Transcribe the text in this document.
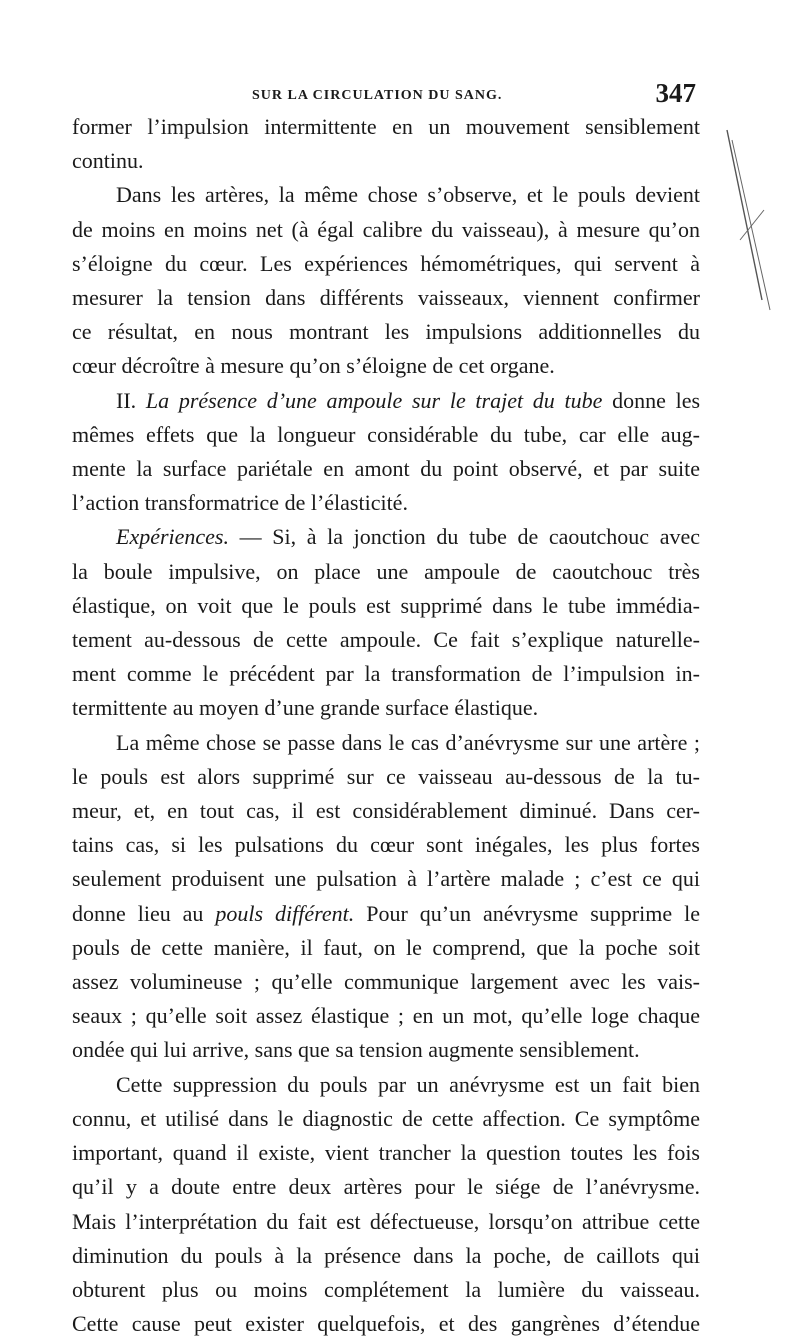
SUR LA CIRCULATION DU SANG.	347
former l’impulsion intermittente en un mouvement sensiblement
continu.
Dans les artères, la même chose s’observe, et le pouls devient
de moins en moins net (à égal calibre du vaisseau), à mesure qu’on
s’éloigne du cœur. Les expériences hémométriques, qui servent à
mesurer la tension dans différents vaisseaux, viennent confirmer
ce résultat, en nous montrant les impulsions additionnelles du
cœur décroître à mesure qu’on s’éloigne de cet organe.
II. La présence d’une ampoule sur le trajet du tube donne les
mêmes effets que la longueur considérable du tube, car elle aug-
mente la surface pariétale en amont du point observé, et par suite
l’action transformatrice de l’élasticité.
Expériences. — Si, à la jonction du tube de caoutchouc avec
la boule impulsive, on place une ampoule de caoutchouc très
élastique, on voit que le pouls est supprimé dans le tube immédia-
tement au-dessous de cette ampoule. Ce fait s’explique naturelle-
ment comme le précédent par la transformation de l’impulsion in-
termittente au moyen d’une grande surface élastique.
La même chose se passe dans le cas d’anévrysme sur une artère ;
le pouls est alors supprimé sur ce vaisseau au-dessous de la tu-
meur, et, en tout cas, il est considérablement diminué. Dans cer-
tains cas, si les pulsations du cœur sont inégales, les plus fortes
seulement produisent une pulsation à l’artère malade ; c’est ce qui
donne lieu au pouls différent. Pour qu’un anévrysme supprime le
pouls de cette manière, il faut, on le comprend, que la poche soit
assez volumineuse ; qu’elle communique largement avec les vais-
seaux ; qu’elle soit assez élastique ; en un mot, qu’elle loge chaque
ondée qui lui arrive, sans que sa tension augmente sensiblement.
Cette suppression du pouls par un anévrysme est un fait bien
connu, et utilisé dans le diagnostic de cette affection. Ce symptôme
important, quand il existe, vient trancher la question toutes les fois
qu’il y a doute entre deux artères pour le siége de l’anévrysme.
Mais l’interprétation du fait est défectueuse, lorsqu’on attribue cette
diminution du pouls à la présence dans la poche, de caillots qui
obturent plus ou moins complétement la lumière du vaisseau.
Cette cause peut exister quelquefois, et des gangrènes d’étendue
